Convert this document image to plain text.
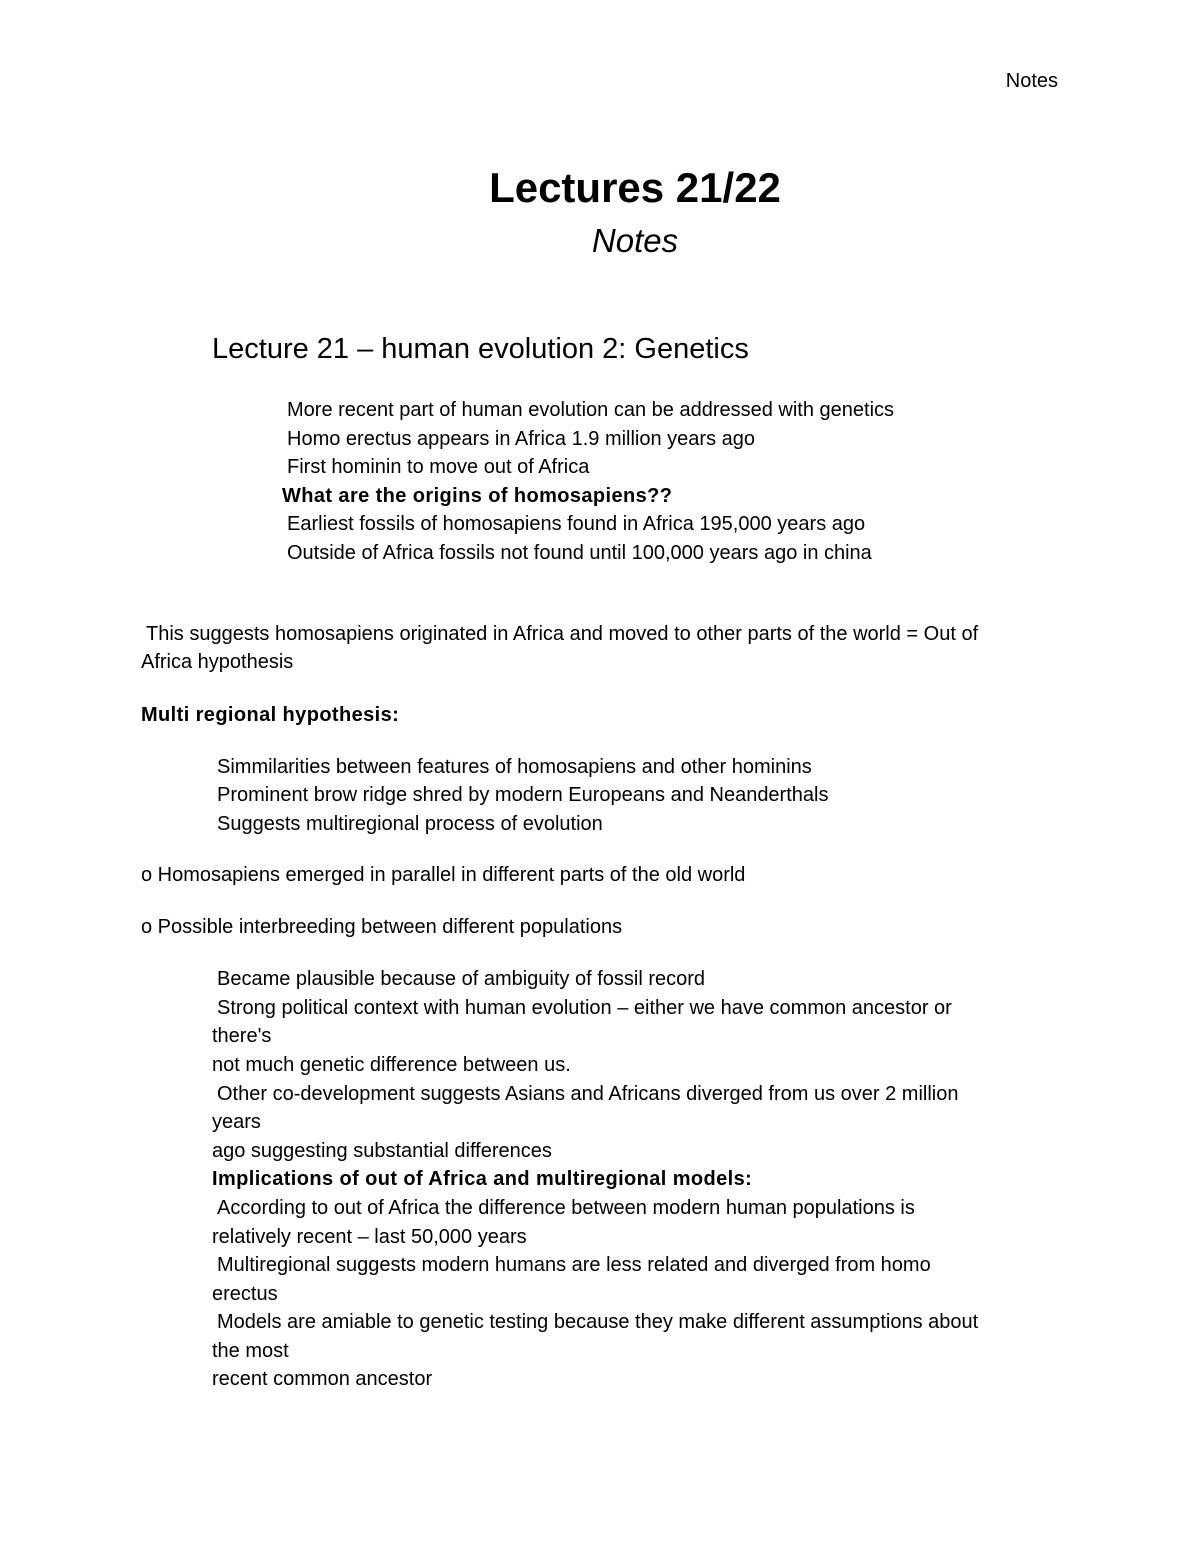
Notes

Lectures 21/22

Notes

Lecture 21 – human evolution 2: Genetics

More recent part of human evolution can be addressed with genetics

Homo erectus appears in Africa 1.9 million years ago

First hominin to move out of Africa

What are the origins of homosapiens??

Earliest fossils of homosapiens found in Africa 195,000 years ago

Outside of Africa fossils not found until 100,000 years ago in china

This suggests homosapiens originated in Africa and moved to other parts of the world = Out of

Africa hypothesis

Multi regional hypothesis:

Simmilarities between features of homosapiens and other hominins

Prominent brow ridge shred by modern Europeans and Neanderthals

Suggests multiregional process of evolution

o Homosapiens emerged in parallel in different parts of the old world

o Possible interbreeding between different populations

Became plausible because of ambiguity of fossil record

Strong political context with human evolution – either we have common ancestor or

there's

not much genetic difference between us.

Other co-development suggests Asians and Africans diverged from us over 2 million

years

ago suggesting substantial differences

Implications of out of Africa and multiregional models:

According to out of Africa the difference between modern human populations is

relatively recent – last 50,000 years

Multiregional suggests modern humans are less related and diverged from homo

erectus

Models are amiable to genetic testing because they make different assumptions about

the most

recent common ancestor
